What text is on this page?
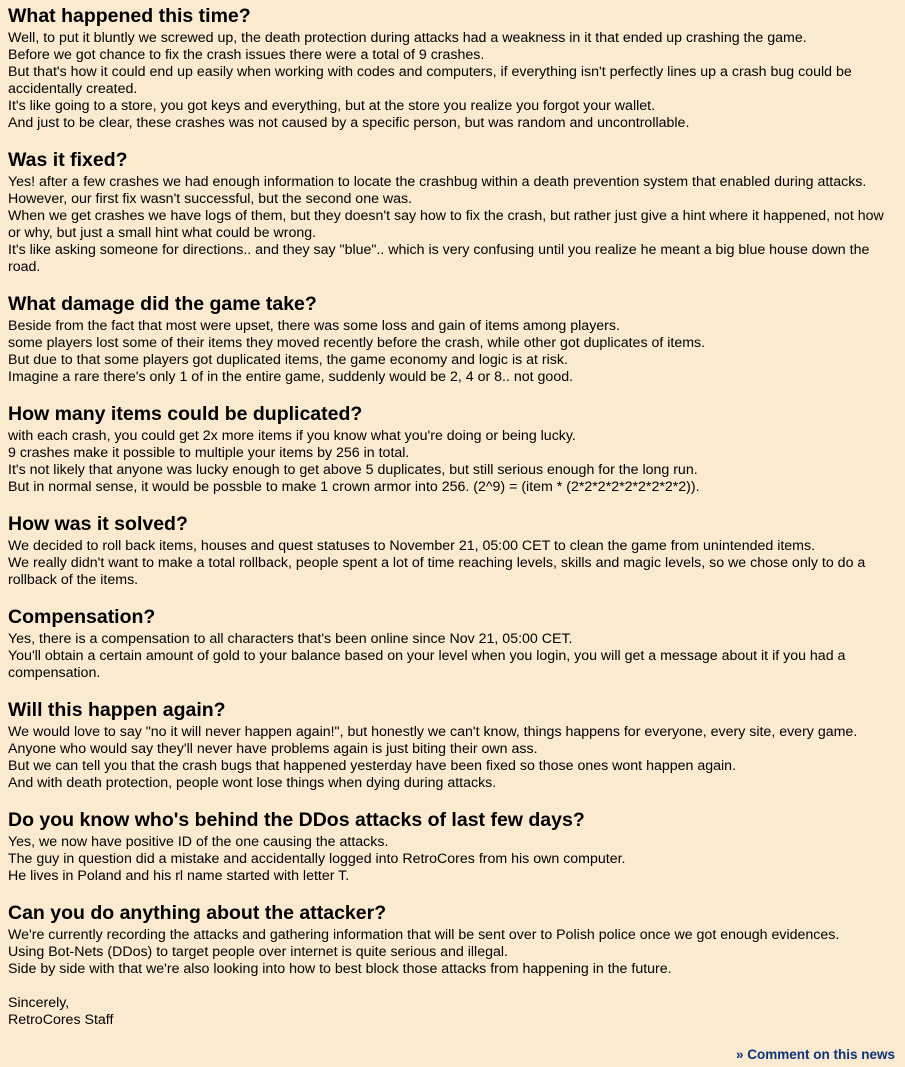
What happened this time?

Well, to put it bluntly we screwed up, the death protection during attacks had a weakness in it that ended up crashing the game.

Before we got chance to fix the crash issues there were a total of 9 crashes.

But that's how it could end up easily when working with codes and computers, if everything isn't perfectly lines up a crash bug could be accidentally created.

It's like going to a store, you got keys and everything, but at the store you realize you forgot your wallet.

And just to be clear, these crashes was not caused by a specific person, but was random and uncontrollable.

Was it fixed?

Yes! after a few crashes we had enough information to locate the crashbug within a death prevention system that enabled during attacks.

However, our first fix wasn't successful, but the second one was.

When we get crashes we have logs of them, but they doesn't say how to fix the crash, but rather just give a hint where it happened, not how or why, but just a small hint what could be wrong.

It's like asking someone for directions.. and they say "blue".. which is very confusing until you realize he meant a big blue house down the road.

What damage did the game take?

Beside from the fact that most were upset, there was some loss and gain of items among players.

some players lost some of their items they moved recently before the crash, while other got duplicates of items.

But due to that some players got duplicated items, the game economy and logic is at risk.

Imagine a rare there's only 1 of in the entire game, suddenly would be 2, 4 or 8.. not good.

How many items could be duplicated?

with each crash, you could get 2x more items if you know what you're doing or being lucky.

9 crashes make it possible to multiple your items by 256 in total.

It's not likely that anyone was lucky enough to get above 5 duplicates, but still serious enough for the long run.

But in normal sense, it would be possble to make 1 crown armor into 256. (2^9) = (item * (2*2*2*2*2*2*2*2*2)).

How was it solved?

We decided to roll back items, houses and quest statuses to November 21, 05:00 CET to clean the game from unintended items.

We really didn't want to make a total rollback, people spent a lot of time reaching levels, skills and magic levels, so we chose only to do a rollback of the items.

Compensation?

Yes, there is a compensation to all characters that's been online since Nov 21, 05:00 CET.

You'll obtain a certain amount of gold to your balance based on your level when you login, you will get a message about it if you had a compensation.

Will this happen again?

We would love to say "no it will never happen again!", but honestly we can't know, things happens for everyone, every site, every game.

Anyone who would say they'll never have problems again is just biting their own ass.

But we can tell you that the crash bugs that happened yesterday have been fixed so those ones wont happen again.

And with death protection, people wont lose things when dying during attacks.

Do you know who's behind the DDos attacks of last few days?

Yes, we now have positive ID of the one causing the attacks.

The guy in question did a mistake and accidentally logged into RetroCores from his own computer.

He lives in Poland and his rl name started with letter T.

Can you do anything about the attacker?

We're currently recording the attacks and gathering information that will be sent over to Polish police once we got enough evidences.

Using Bot-Nets (DDos) to target people over internet is quite serious and illegal.

Side by side with that we're also looking into how to best block those attacks from happening in the future.

Sincerely,
RetroCores Staff
» Comment on this news
